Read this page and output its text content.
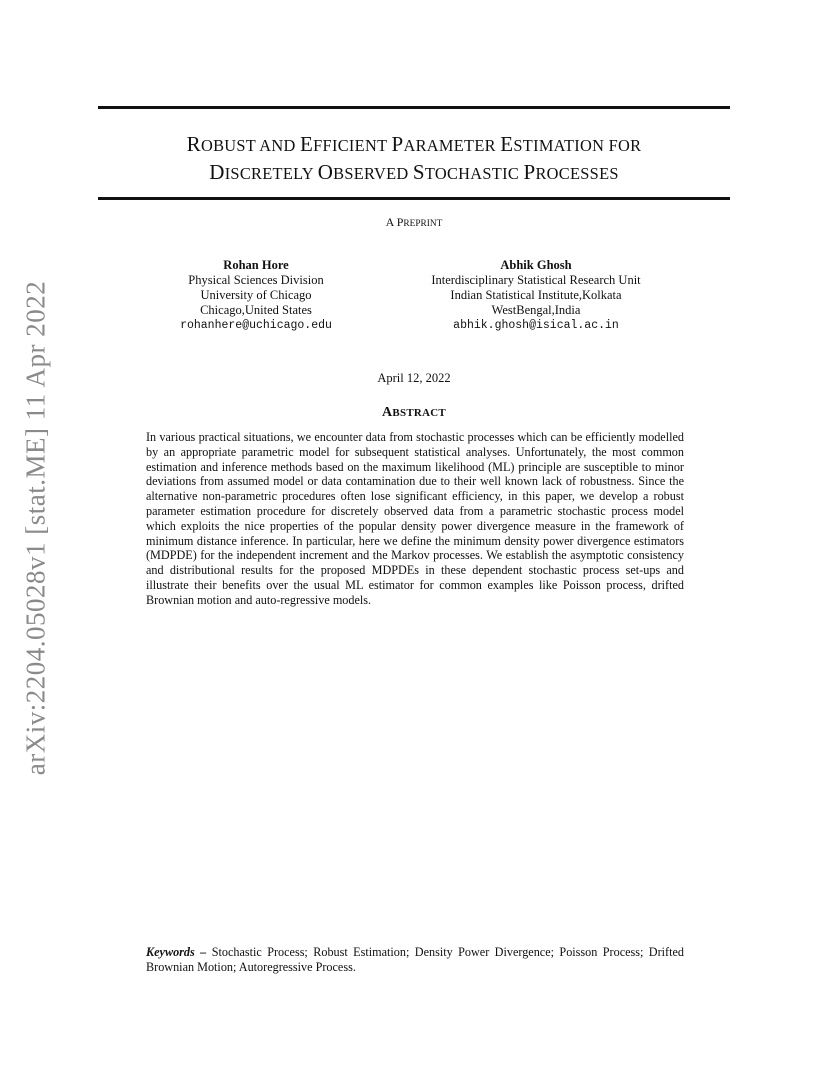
arXiv:2204.05028v1 [stat.ME] 11 Apr 2022
ROBUST AND EFFICIENT PARAMETER ESTIMATION FOR
DISCRETELY OBSERVED STOCHASTIC PROCESSES
A PREPRINT
Rohan Hore
Physical Sciences Division
University of Chicago
Chicago,United States
rohanhere@uchicago.edu
Abhik Ghosh
Interdisciplinary Statistical Research Unit
Indian Statistical Institute,Kolkata
WestBengal,India
abhik.ghosh@isical.ac.in
April 12, 2022
ABSTRACT
In various practical situations, we encounter data from stochastic processes which can be efficiently modelled by an appropriate parametric model for subsequent statistical analyses. Unfortunately, the most common estimation and inference methods based on the maximum likelihood (ML) principle are susceptible to minor deviations from assumed model or data contamination due to their well known lack of robustness. Since the alternative non-parametric procedures often lose significant efficiency, in this paper, we develop a robust parameter estimation procedure for discretely observed data from a parametric stochastic process model which exploits the nice properties of the popular density power divergence measure in the framework of minimum distance inference. In particular, here we define the minimum density power divergence estimators (MDPDE) for the independent increment and the Markov processes. We establish the asymptotic consistency and distributional results for the proposed MDPDEs in these dependent stochastic process set-ups and illustrate their benefits over the usual ML estimator for common examples like Poisson process, drifted Brownian motion and auto-regressive models.
Keywords – Stochastic Process; Robust Estimation; Density Power Divergence; Poisson Process; Drifted Brownian Motion; Autoregressive Process.
